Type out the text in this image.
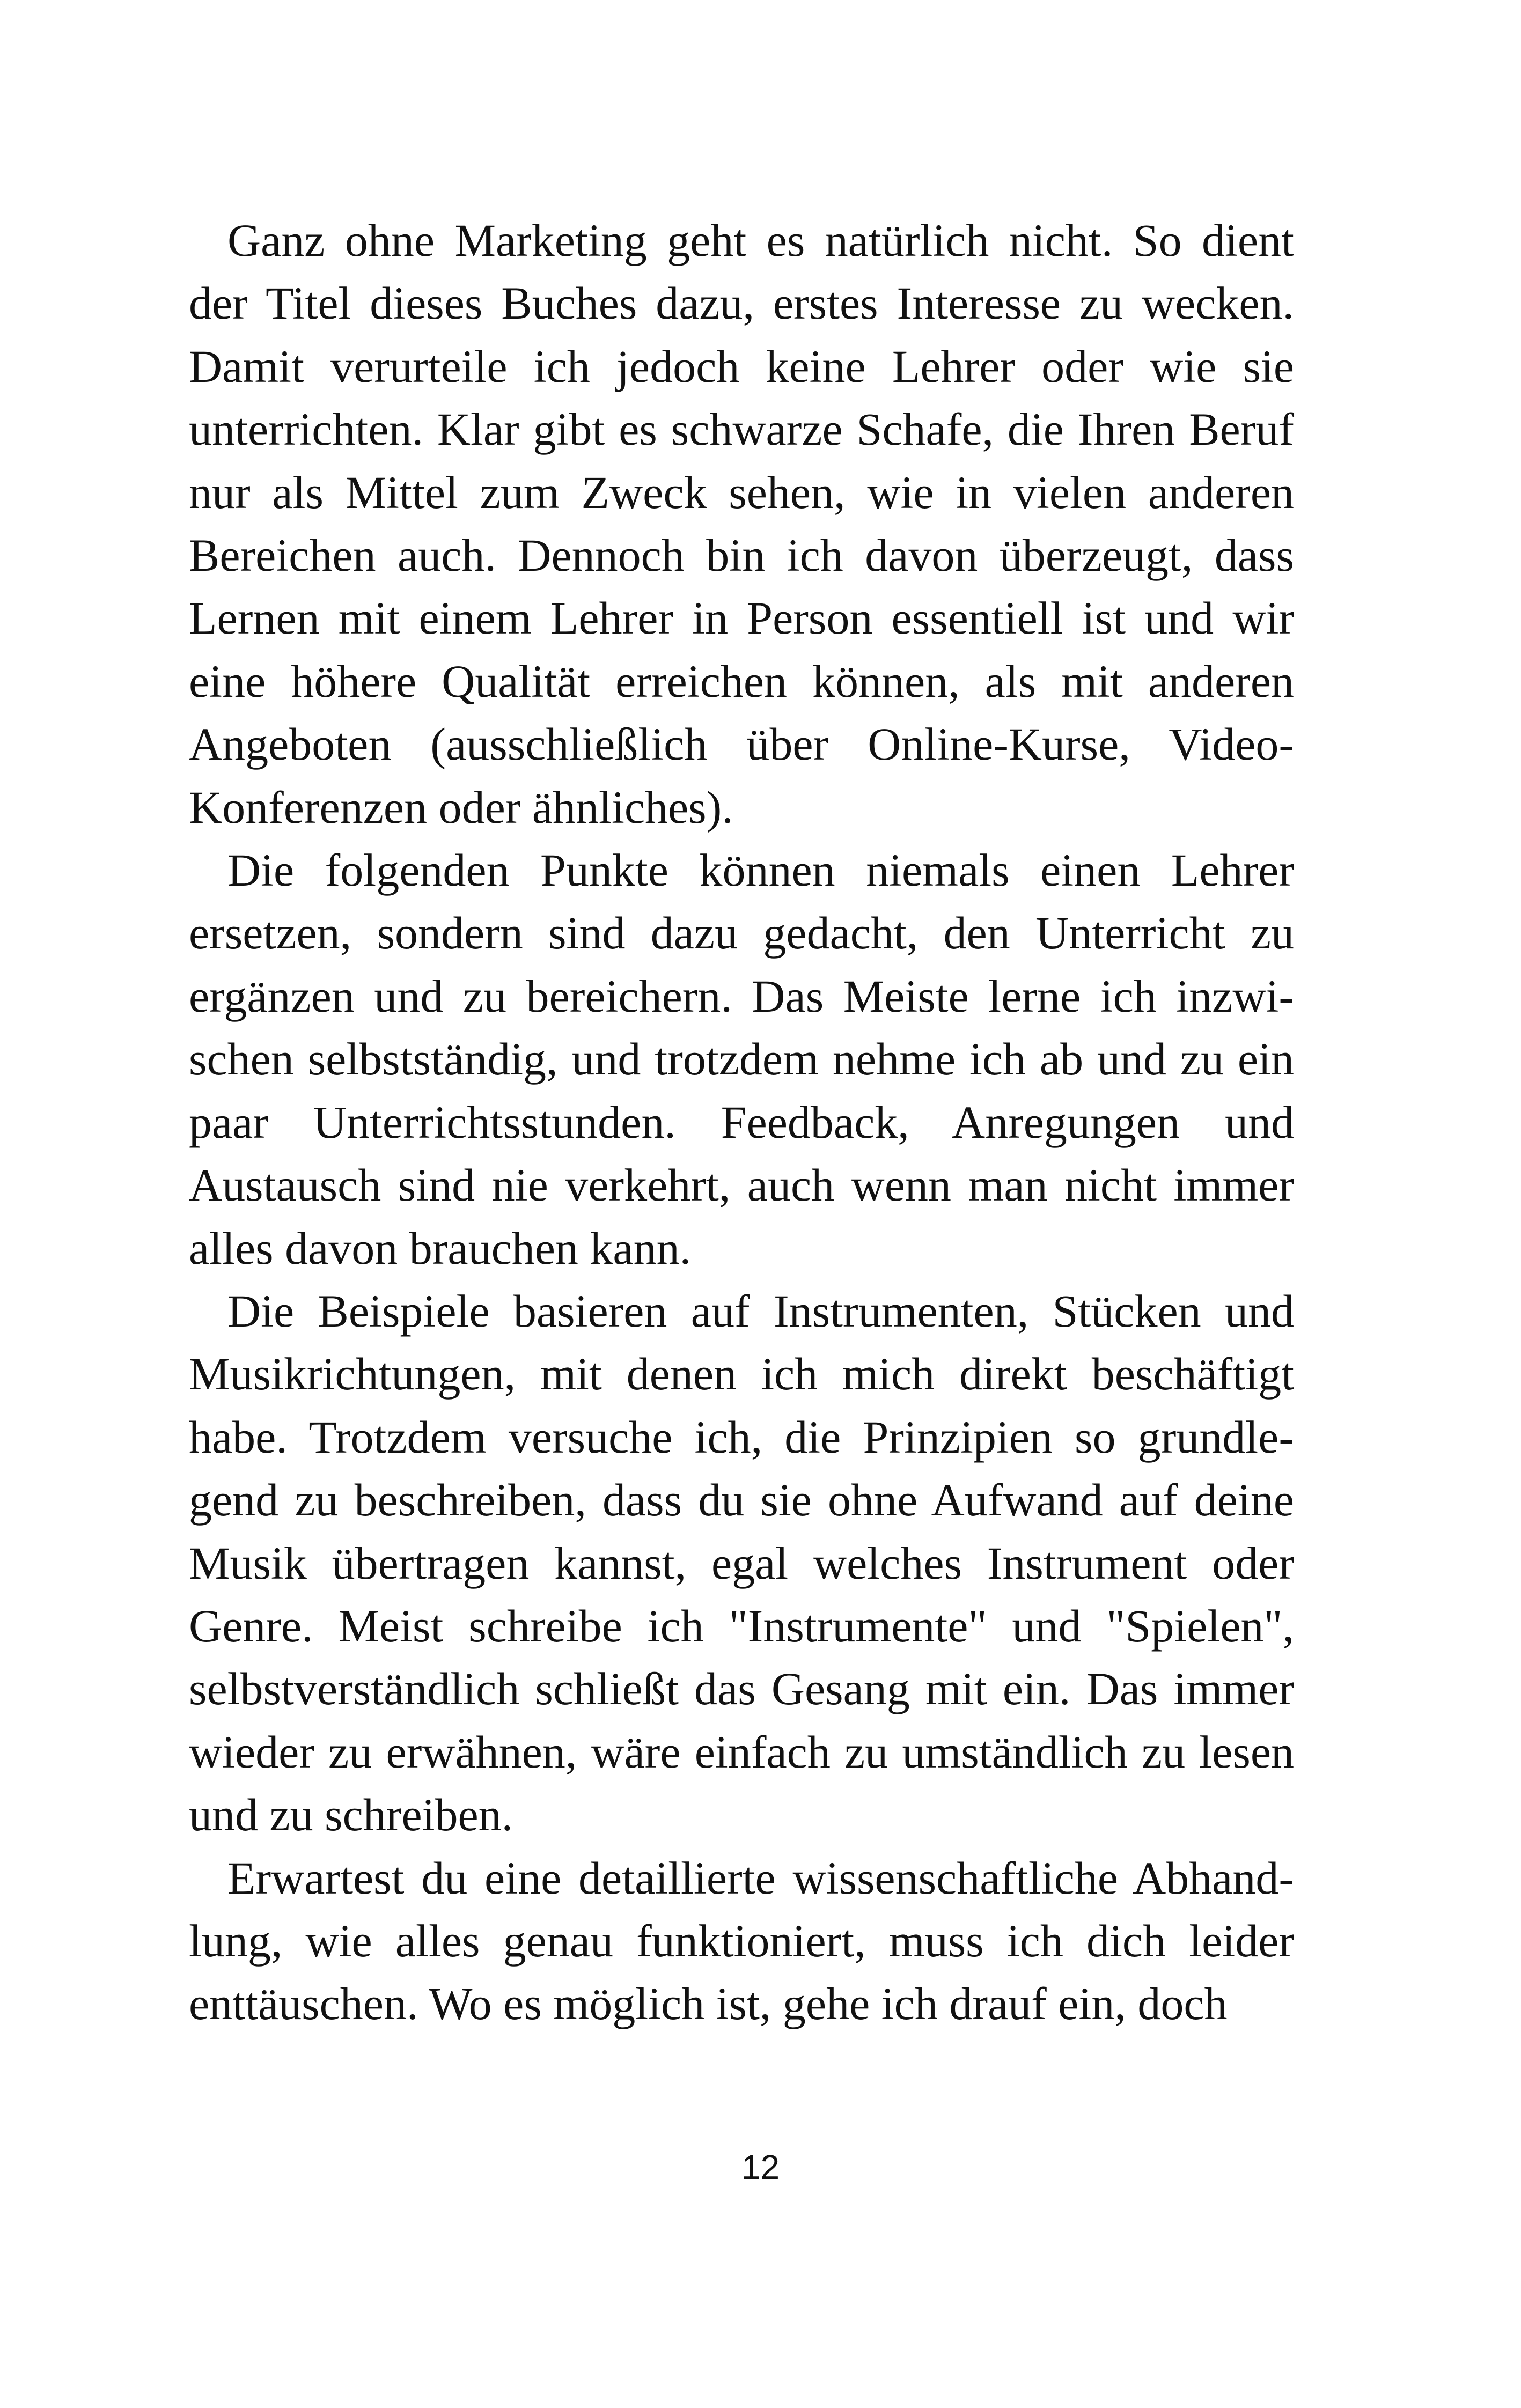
Ganz ohne Marketing geht es natürlich nicht. So dient der Titel dieses Buches dazu, erstes Interesse zu wecken. Damit verurteile ich jedoch keine Lehrer oder wie sie unterrichten. Klar gibt es schwarze Schafe, die Ihren Beruf nur als Mittel zum Zweck sehen, wie in vielen anderen Bereichen auch. Dennoch bin ich davon überzeugt, dass Lernen mit einem Lehrer in Person essentiell ist und wir eine höhere Qualität erreichen können, als mit anderen Angeboten (ausschließlich über Online-Kurse, Video-Konferenzen oder ähnliches).

Die folgenden Punkte können niemals einen Lehrer ersetzen, sondern sind dazu gedacht, den Unterricht zu ergänzen und zu bereichern. Das Meiste lerne ich inzwischen selbstständig, und trotzdem nehme ich ab und zu ein paar Unterrichtsstunden. Feedback, Anregungen und Austausch sind nie verkehrt, auch wenn man nicht immer alles davon brauchen kann.

Die Beispiele basieren auf Instrumenten, Stücken und Musikrichtungen, mit denen ich mich direkt beschäftigt habe. Trotzdem versuche ich, die Prinzipien so grundlegend zu beschreiben, dass du sie ohne Aufwand auf deine Musik übertragen kannst, egal welches Instrument oder Genre. Meist schreibe ich "Instrumente" und "Spielen", selbstverständlich schließt das Gesang mit ein. Das immer wieder zu erwähnen, wäre einfach zu umständlich zu lesen und zu schreiben.

Erwartest du eine detaillierte wissenschaftliche Abhandlung, wie alles genau funktioniert, muss ich dich leider enttäuschen. Wo es möglich ist, gehe ich drauf ein, doch

12
